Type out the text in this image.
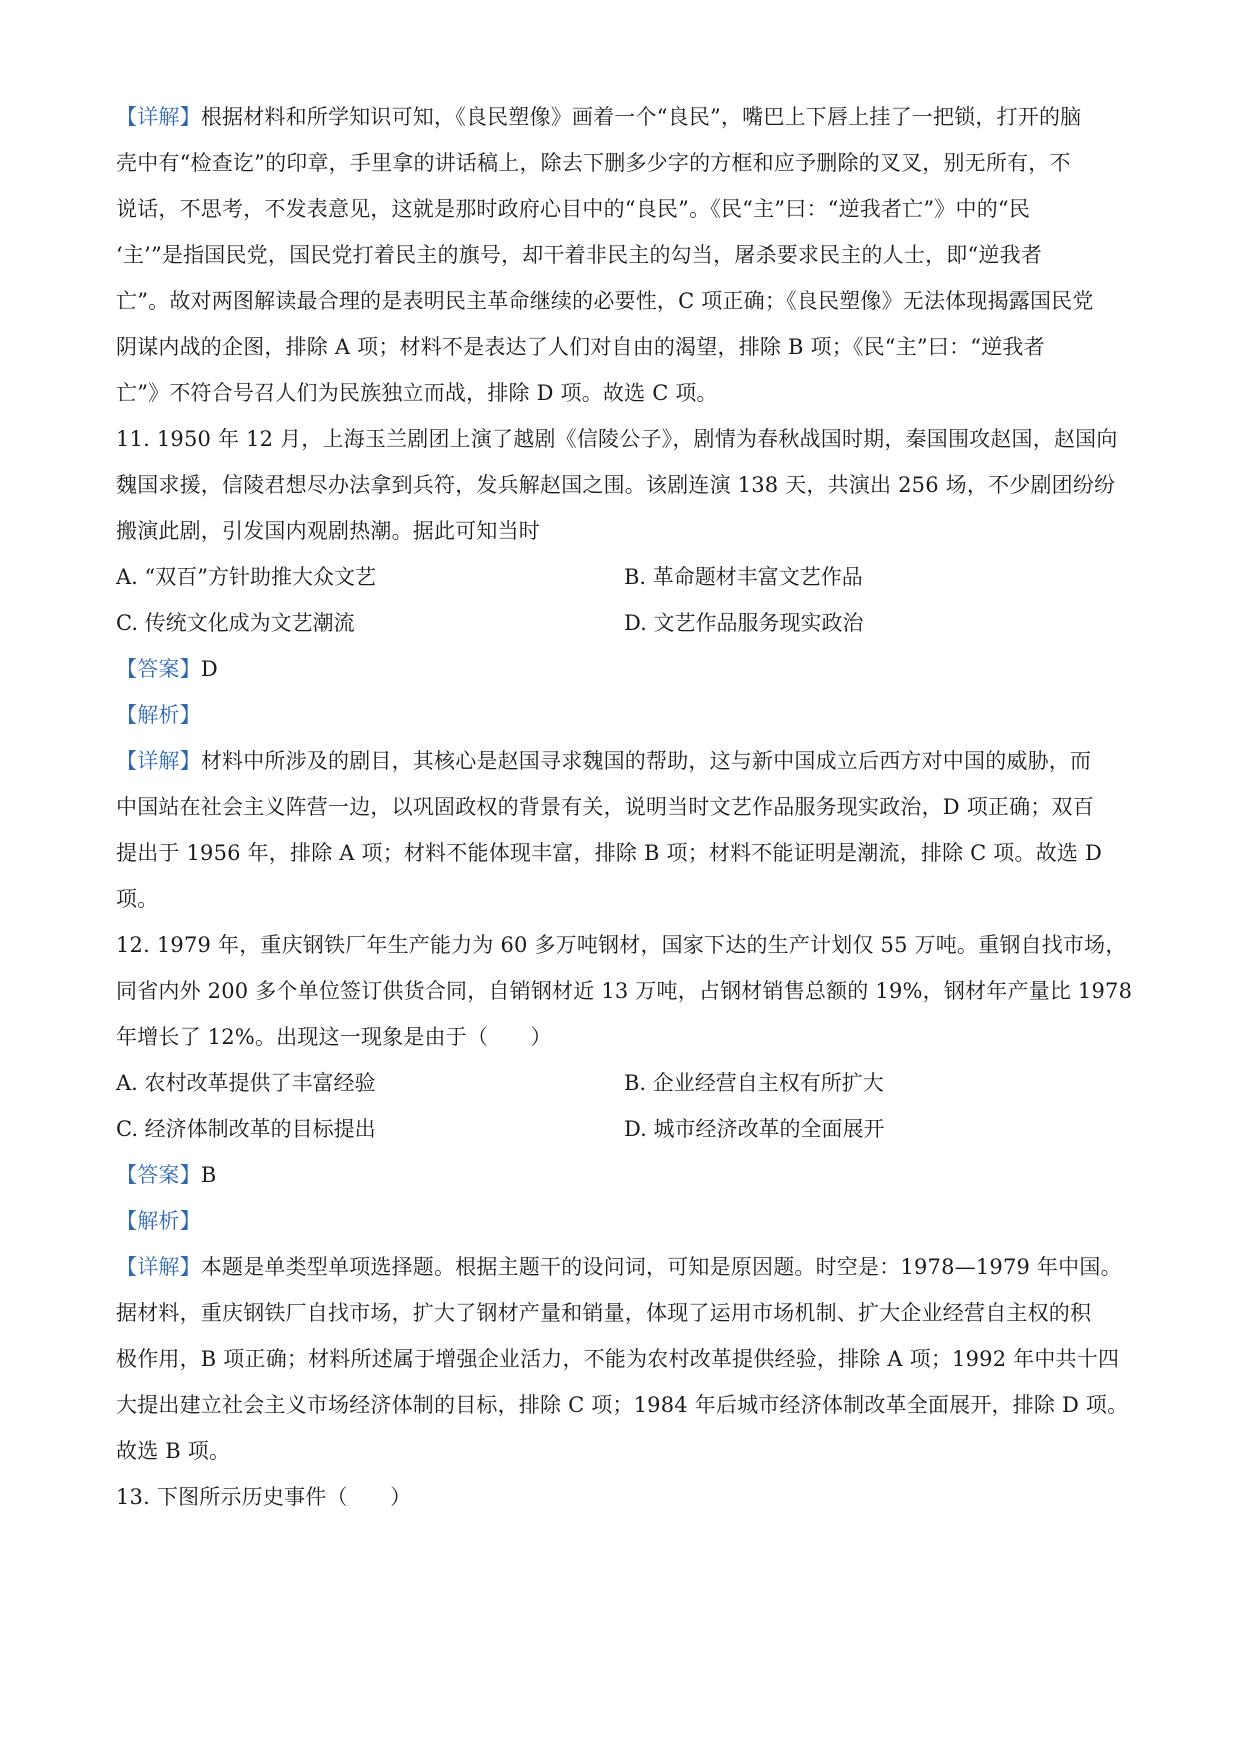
【详解】根据材料和所学知识可知，《良民塑像》画着一个“良民”，嘴巴上下唇上挂了一把锁，打开的脑
壳中有“检查讫”的印章，手里拿的讲话稿上，除去下删多少字的方框和应予删除的叉叉，别无所有，不
说话，不思考，不发表意见，这就是那时政府心目中的“良民”。《民“主”曰：“逆我者亡”》中的“民
‘主’”是指国民党，国民党打着民主的旗号，却干着非民主的勾当，屠杀要求民主的人士，即“逆我者
亡”。故对两图解读最合理的是表明民主革命继续的必要性，C 项正确；《良民塑像》无法体现揭露国民党
阴谋内战的企图，排除 A 项；材料不是表达了人们对自由的渴望，排除 B 项；《民“主”曰：“逆我者
亡”》不符合号召人们为民族独立而战，排除 D 项。故选 C 项。
11. 1950 年 12 月，上海玉兰剧团上演了越剧《信陵公子》，剧情为春秋战国时期，秦国围攻赵国，赵国向
魏国求援，信陵君想尽办法拿到兵符，发兵解赵国之围。该剧连演 138 天，共演出 256 场，不少剧团纷纷
搬演此剧，引发国内观剧热潮。据此可知当时
A. “双百”方针助推大众文艺	B. 革命题材丰富文艺作品
C. 传统文化成为文艺潮流	D. 文艺作品服务现实政治
【答案】D
【解析】
【详解】材料中所涉及的剧目，其核心是赵国寻求魏国的帮助，这与新中国成立后西方对中国的威胁，而
中国站在社会主义阵营一边，以巩固政权的背景有关，说明当时文艺作品服务现实政治，D 项正确；双百
提出于 1956 年，排除 A 项；材料不能体现丰富，排除 B 项；材料不能证明是潮流，排除 C 项。故选 D
项。
12. 1979 年，重庆钢铁厂年生产能力为 60 多万吨钢材，国家下达的生产计划仅 55 万吨。重钢自找市场，
同省内外 200 多个单位签订供货合同，自销钢材近 13 万吨，占钢材销售总额的 19%，钢材年产量比 1978
年增长了 12%。出现这一现象是由于（　　）
A. 农村改革提供了丰富经验	B. 企业经营自主权有所扩大
C. 经济体制改革的目标提出	D. 城市经济改革的全面展开
【答案】B
【解析】
【详解】本题是单类型单项选择题。根据主题干的设问词，可知是原因题。时空是：1978—1979 年中国。
据材料，重庆钢铁厂自找市场，扩大了钢材产量和销量，体现了运用市场机制、扩大企业经营自主权的积
极作用，B 项正确；材料所述属于增强企业活力，不能为农村改革提供经验，排除 A 项；1992 年中共十四
大提出建立社会主义市场经济体制的目标，排除 C 项；1984 年后城市经济体制改革全面展开，排除 D 项。
故选 B 项。
13. 下图所示历史事件（　　）
